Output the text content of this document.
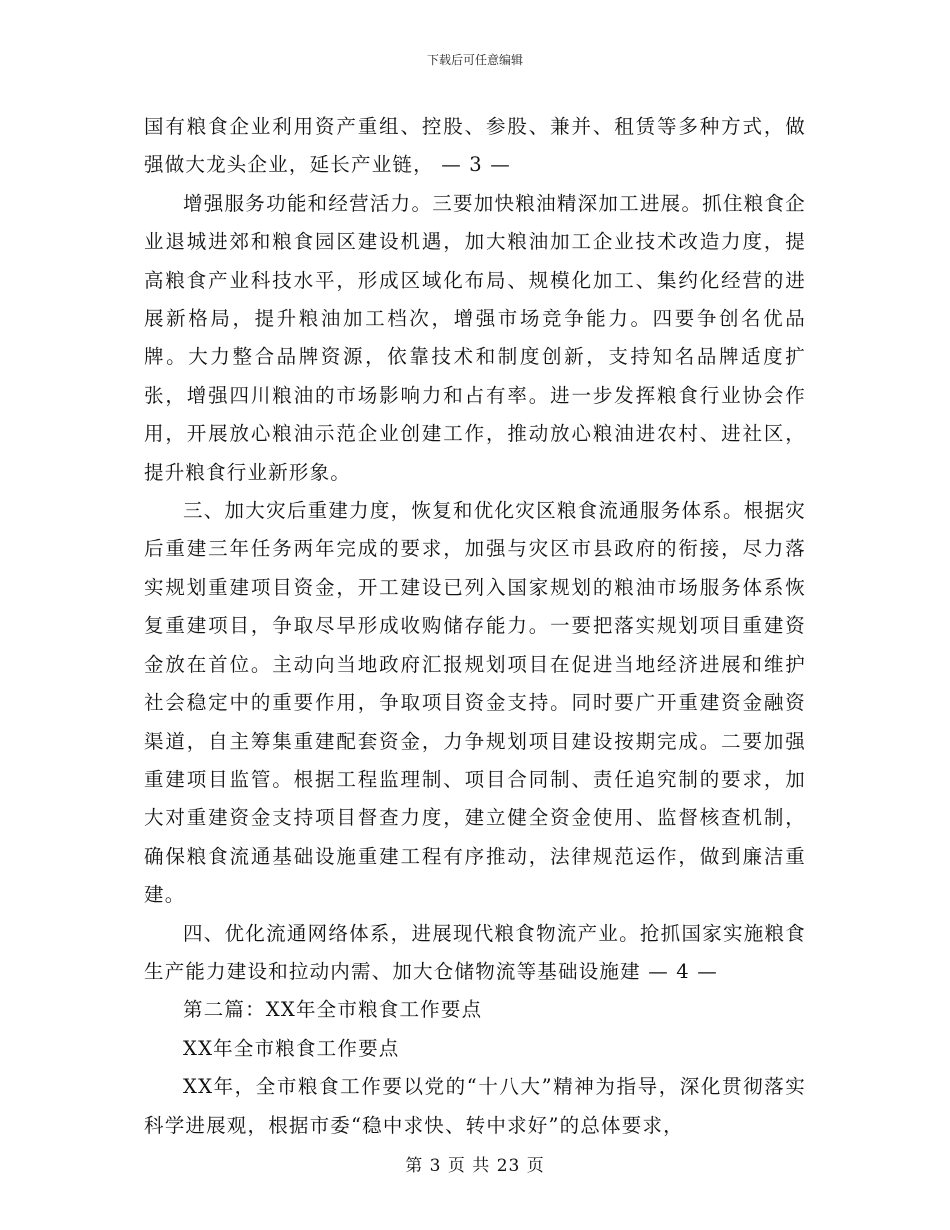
下载后可任意编辑

国有粮食企业利用资产重组、控股、参股、兼并、租赁等多种方式，做强做大龙头企业，延长产业链， — 3 —

增强服务功能和经营活力。三要加快粮油精深加工进展。抓住粮食企业退城进郊和粮食园区建设机遇，加大粮油加工企业技术改造力度，提高粮食产业科技水平，形成区域化布局、规模化加工、集约化经营的进展新格局，提升粮油加工档次，增强市场竞争能力。四要争创名优品牌。大力整合品牌资源，依靠技术和制度创新，支持知名品牌适度扩张，增强四川粮油的市场影响力和占有率。进一步发挥粮食行业协会作用，开展放心粮油示范企业创建工作，推动放心粮油进农村、进社区，提升粮食行业新形象。

三、加大灾后重建力度，恢复和优化灾区粮食流通服务体系。根据灾后重建三年任务两年完成的要求，加强与灾区市县政府的衔接，尽力落实规划重建项目资金，开工建设已列入国家规划的粮油市场服务体系恢复重建项目，争取尽早形成收购储存能力。一要把落实规划项目重建资金放在首位。主动向当地政府汇报规划项目在促进当地经济进展和维护社会稳定中的重要作用，争取项目资金支持。同时要广开重建资金融资渠道，自主筹集重建配套资金，力争规划项目建设按期完成。二要加强重建项目监管。根据工程监理制、项目合同制、责任追究制的要求，加大对重建资金支持项目督查力度，建立健全资金使用、监督核查机制，确保粮食流通基础设施重建工程有序推动，法律规范运作，做到廉洁重建。

四、优化流通网络体系，进展现代粮食物流产业。抢抓国家实施粮食生产能力建设和拉动内需、加大仓储物流等基础设施建 — 4 —

第二篇：XX年全市粮食工作要点

XX年全市粮食工作要点

XX年，全市粮食工作要以党的“十八大”精神为指导，深化贯彻落实科学进展观，根据市委“稳中求快、转中求好”的总体要求，

第 3 页 共 23 页
